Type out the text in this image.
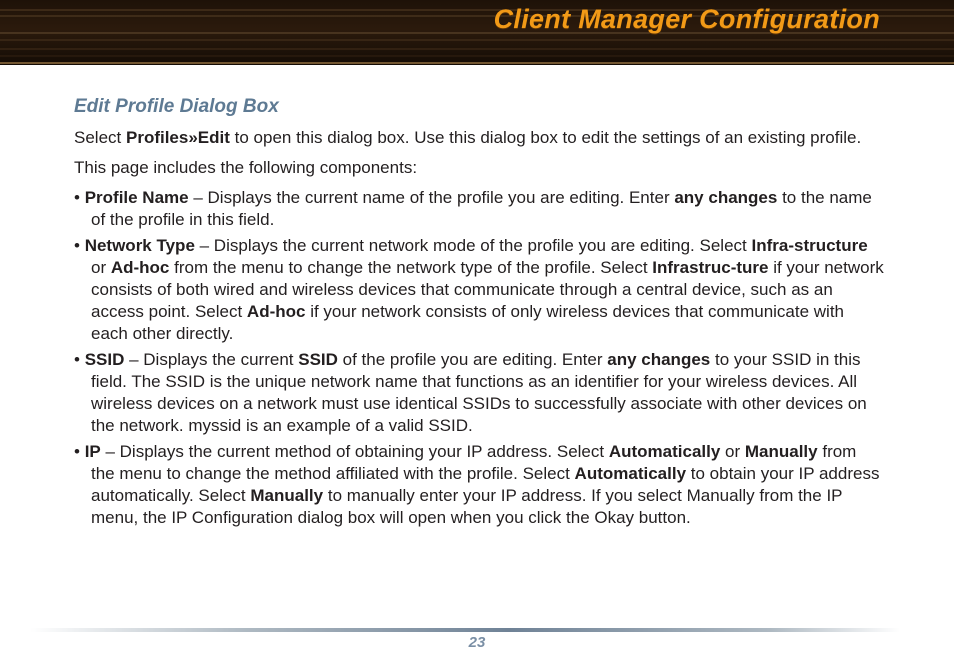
Client Manager Configuration
Edit Profile Dialog Box

Select Profiles»Edit to open this dialog box. Use this dialog box to edit the settings of an existing profile.

This page includes the following components:

• Profile Name – Displays the current name of the profile you are editing. Enter any changes to the name of the profile in this field.

• Network Type – Displays the current network mode of the profile you are editing. Select Infra-structure or Ad-hoc from the menu to change the network type of the profile. Select Infrastruc-ture if your network consists of both wired and wireless devices that communicate through a central device, such as an access point. Select Ad-hoc if your network consists of only wireless devices that communicate with each other directly.

• SSID – Displays the current SSID of the profile you are editing. Enter any changes to your SSID in this field. The SSID is the unique network name that functions as an identifier for your wireless devices. All wireless devices on a network must use identical SSIDs to successfully associate with other devices on the network. myssid is an example of a valid SSID.

• IP – Displays the current method of obtaining your IP address. Select Automatically or Manually from the menu to change the method affiliated with the profile. Select Automatically to obtain your IP address automatically. Select Manually to manually enter your IP address. If you select Manually from the IP menu, the IP Configuration dialog box will open when you click the Okay button.

23
